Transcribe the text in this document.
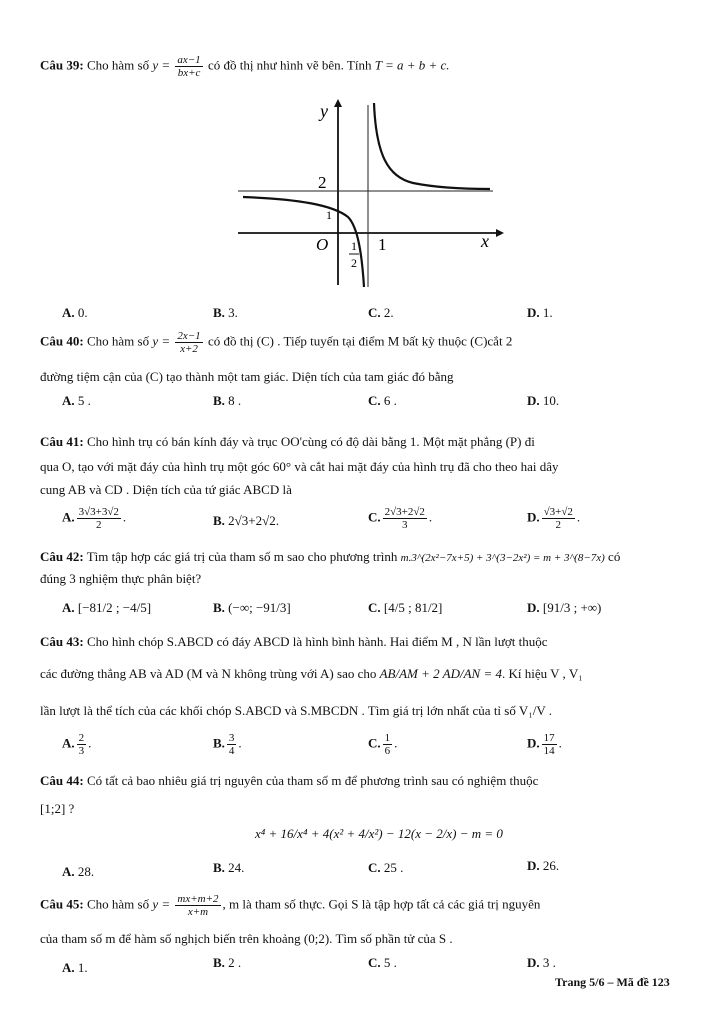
Câu 39: Cho hàm số $y = \frac{ax-1}{bx+c}$ có đồ thị như hình vẽ bên. Tính T = a + b + c.
y
x
2
1
O	1
1
2
A. 0.	B. 3.	C. 2.	D. 1.
Câu 40: Cho hàm số $y = \frac{2x-1}{x+2}$ có đồ thị (C) . Tiếp tuyến tại điểm M bất kỳ thuộc (C)cắt 2
đường tiệm cận của (C) tạo thành một tam giác. Diện tích của tam giác đó bằng
A. 5 .	B. 8 .	C. 6 .	D. 10.
Câu 41: Cho hình trụ có bán kính đáy và trục OO'cùng có độ dài bằng 1. Một mặt phẳng (P) đi
qua O, tạo với mặt đáy của hình trụ một góc 60° và cắt hai mặt đáy của hình trụ đã cho theo hai dây
cung AB và CD . Diện tích của tứ giác ABCD là
A. $\frac{3√3+3√2}{2}$ .	B. 2√3+2√2.	C. $\frac{2√3+2√2}{3}$ .	D. $\frac{√3+√2}{2}$ .
Câu 42: Tìm tập hợp các giá trị của tham số m sao cho phương trình m.3^(2x²−7x+5) + 3^(3−2x²) = m + 3^(8−7x) có
đúng 3 nghiệm thực phân biệt?
A. [−81/2 ; −4/5]	B. (−∞; −91/3]	C. [4/5 ; 81/2]	D. [91/3 ; +∞)
Câu 43: Cho hình chóp S.ABCD có đáy ABCD là hình bình hành. Hai điểm M , N lần lượt thuộc
các đường thẳng AB và AD (M và N không trùng với A) sao cho AB/AM + 2 AD/AN = 4. Kí hiệu V , V₁
lần lượt là thể tích của các khối chóp S.ABCD và S.MBCDN . Tìm giá trị lớn nhất của tỉ số V₁/V .
A. $\frac{2}{3}$ .	B. $\frac{3}{4}$ .	C. $\frac{1}{6}$ .	D. $\frac{17}{14}$ .
Câu 44: Có tất cả bao nhiêu giá trị nguyên của tham số m để phương trình sau có nghiệm thuộc
[1;2] ?
x⁴ + 16/x⁴ + 4(x² + 4/x²) − 12(x − 2/x) − m = 0
A. 28.	B. 24.	C. 25 .	D. 26.
Câu 45: Cho hàm số $y = \frac{mx+m+2}{x+m}$ , m là tham số thực. Gọi S là tập hợp tất cả các giá trị nguyên
của tham số m để hàm số nghịch biến trên khoảng (0;2). Tìm số phần tử của S .
A. 1.	B. 2 .	C. 5 .	D. 3 .
Trang 5/6 – Mã đề 123
